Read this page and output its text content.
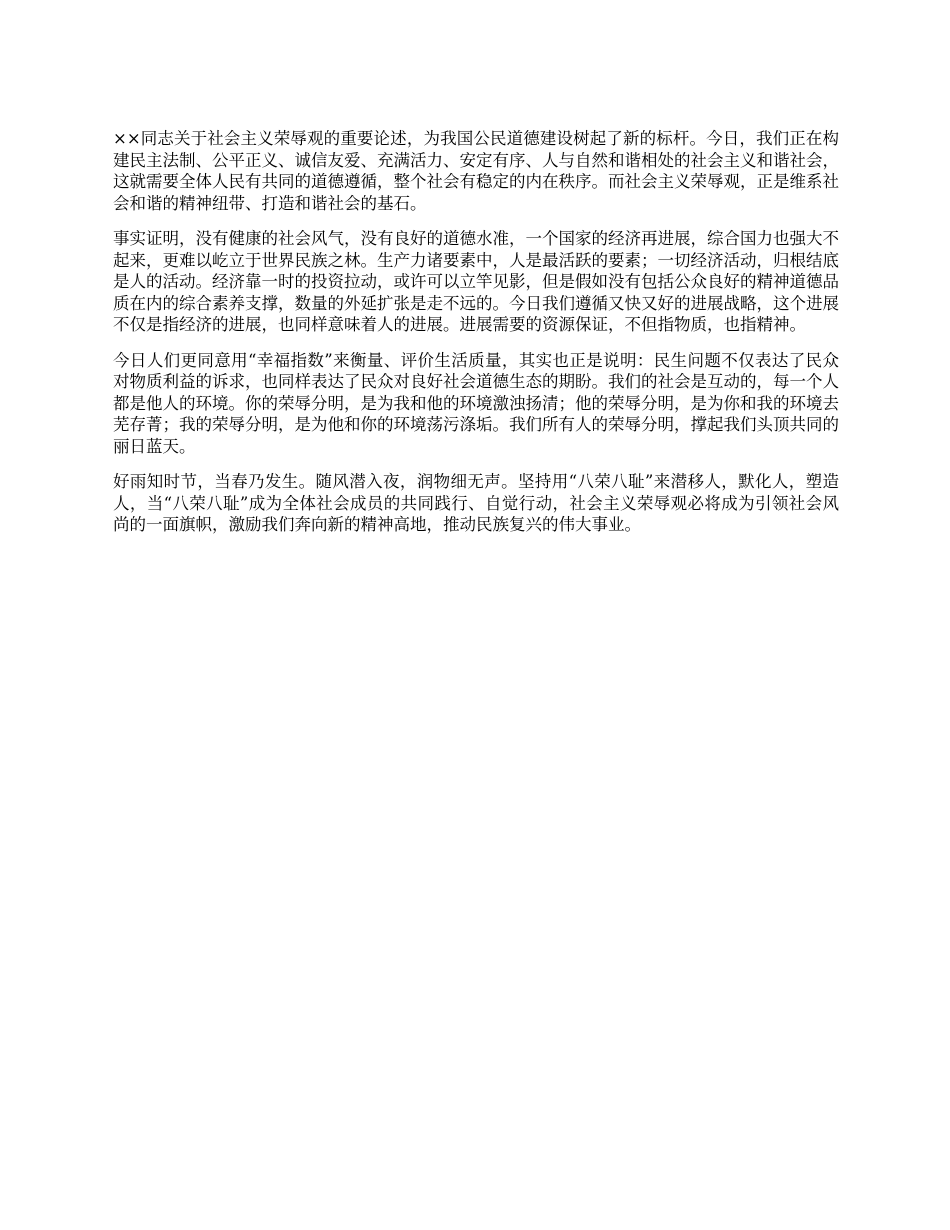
××同志关于社会主义荣辱观的重要论述，为我国公民道德建设树起了新的标杆。今日，我们正在构建民主法制、公平正义、诚信友爱、充满活力、安定有序、人与自然和谐相处的社会主义和谐社会，这就需要全体人民有共同的道德遵循，整个社会有稳定的内在秩序。而社会主义荣辱观，正是维系社会和谐的精神纽带、打造和谐社会的基石。

事实证明，没有健康的社会风气，没有良好的道德水准，一个国家的经济再进展，综合国力也强大不起来，更难以屹立于世界民族之林。生产力诸要素中，人是最活跃的要素；一切经济活动，归根结底是人的活动。经济靠一时的投资拉动，或许可以立竿见影，但是假如没有包括公众良好的精神道德品质在内的综合素养支撑，数量的外延扩张是走不远的。今日我们遵循又快又好的进展战略，这个进展不仅是指经济的进展，也同样意味着人的进展。进展需要的资源保证，不但指物质，也指精神。

今日人们更同意用“幸福指数”来衡量、评价生活质量，其实也正是说明：民生问题不仅表达了民众对物质利益的诉求，也同样表达了民众对良好社会道德生态的期盼。我们的社会是互动的，每一个人都是他人的环境。你的荣辱分明，是为我和他的环境激浊扬清；他的荣辱分明，是为你和我的环境去芜存菁；我的荣辱分明，是为他和你的环境荡污涤垢。我们所有人的荣辱分明，撑起我们头顶共同的丽日蓝天。

好雨知时节，当春乃发生。随风潜入夜，润物细无声。坚持用“八荣八耻”来潜移人，默化人，塑造人，当“八荣八耻”成为全体社会成员的共同践行、自觉行动，社会主义荣辱观必将成为引领社会风尚的一面旗帜，激励我们奔向新的精神高地，推动民族复兴的伟大事业。
